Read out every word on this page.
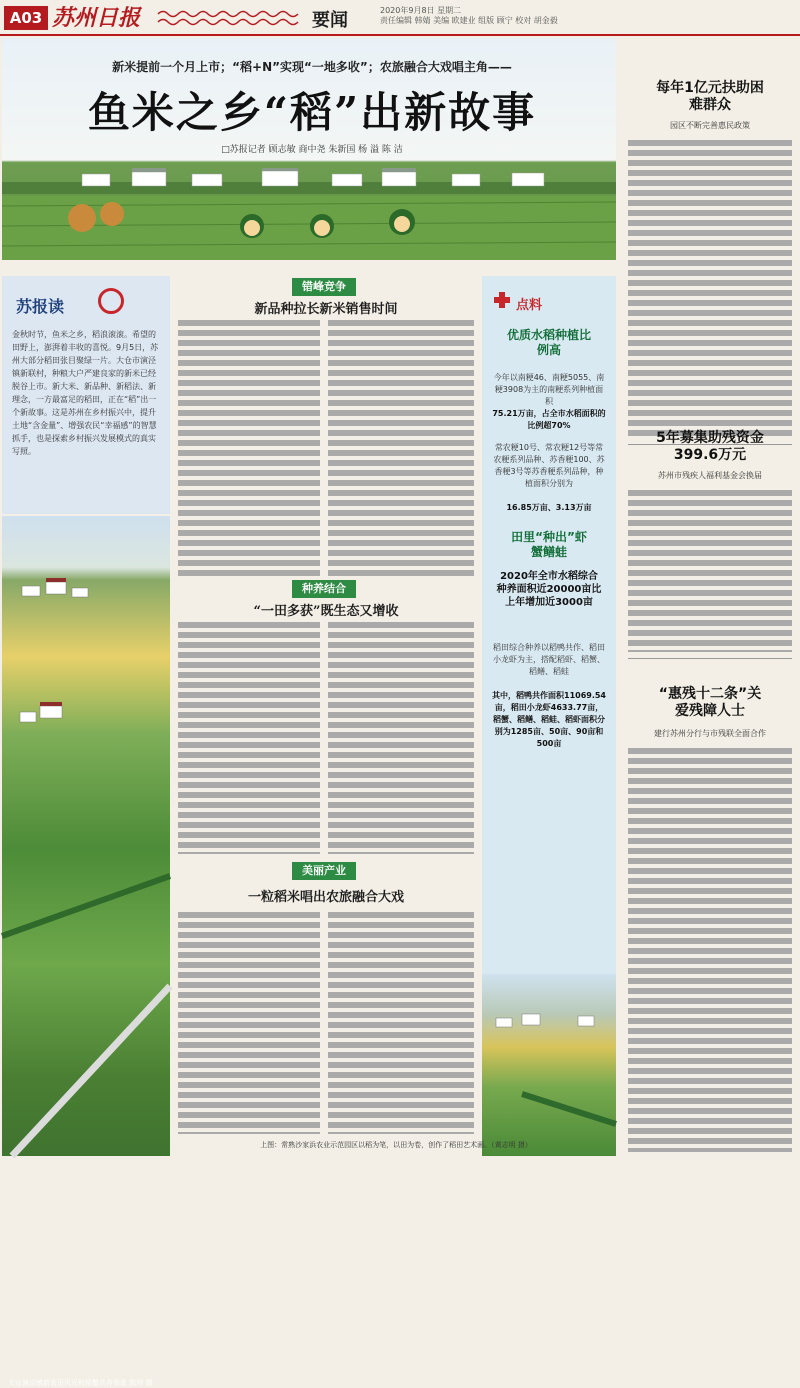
A03 苏州日报	要闻	2020年9月8日 星期二
责任编辑 韩婧 美编 欧建业 组版 顾宁 校对 胡金毅
新米提前一个月上市；“稻+N”实现“一地多收”；农旅融合大戏唱主角——
鱼米之乡“稻”出新故事
□苏报记者 顾志敏 商中尧 朱新国 杨 溢 陈 洁
苏报读
金秋时节，鱼米之乡，稻浪滚滚。希望的田野上，澎湃着丰收的喜悦。9月5日，苏州大部分稻田张目聚绿一片。大仓市演泾镇新联村，种粮大户严建良家的新米已经脱谷上市。新大米、新品种、新稻法、新理念，一方最富足的稻田，正在“稻”出一个新故事。这是苏州在乡村振兴中，提升土地“含金量”、增强农民“幸福感”的智慧抓手，也是探索乡村振兴发展模式的真实写照。
太仓演泾镇新农田风光和稻蟹共养景象 陈珍 摄
错峰竞争
新品种拉长新米销售时间
种养结合
“一田多获”既生态又增收
美丽产业
一粒稻米唱出农旅融合大戏
点料
优质水稻种植比例高
今年以南粳46、南粳5055、南粳3908为主的南粳系列种植面积
75.21万亩，占全市水稻面积的比例超70%
常农粳10号、常农粳12号等常农粳系列品种、苏香粳100、苏香粳3号等苏香粳系列品种，种植面积分别为
16.85万亩、3.13万亩
田里“种出”虾蟹鳝蛙
2020年全市水稻综合种养面积近20000亩比上年增加近3000亩
稻田综合种养以稻鸭共作、稻田小龙虾为主，搭配稻虾、稻蟹、稻鳝、稻蛙
其中，稻鸭共作面积11069.54亩，稻田小龙虾4633.77亩，稻蟹、稻鳝、稻蛙、稻虾面积分别为1285亩、50亩、90亩和500亩
每年1亿元扶助困难群众
园区不断完善惠民政策
5年募集助残资金399.6万元
苏州市残疾人福利基金会换届
“惠残十二条”关爱残障人士
建行苏州分行与市残联全面合作
上图：常熟沙家浜农业示范园区以稻为笔，以田为卷，创作了稻田艺术画。（黄志明 摄）
